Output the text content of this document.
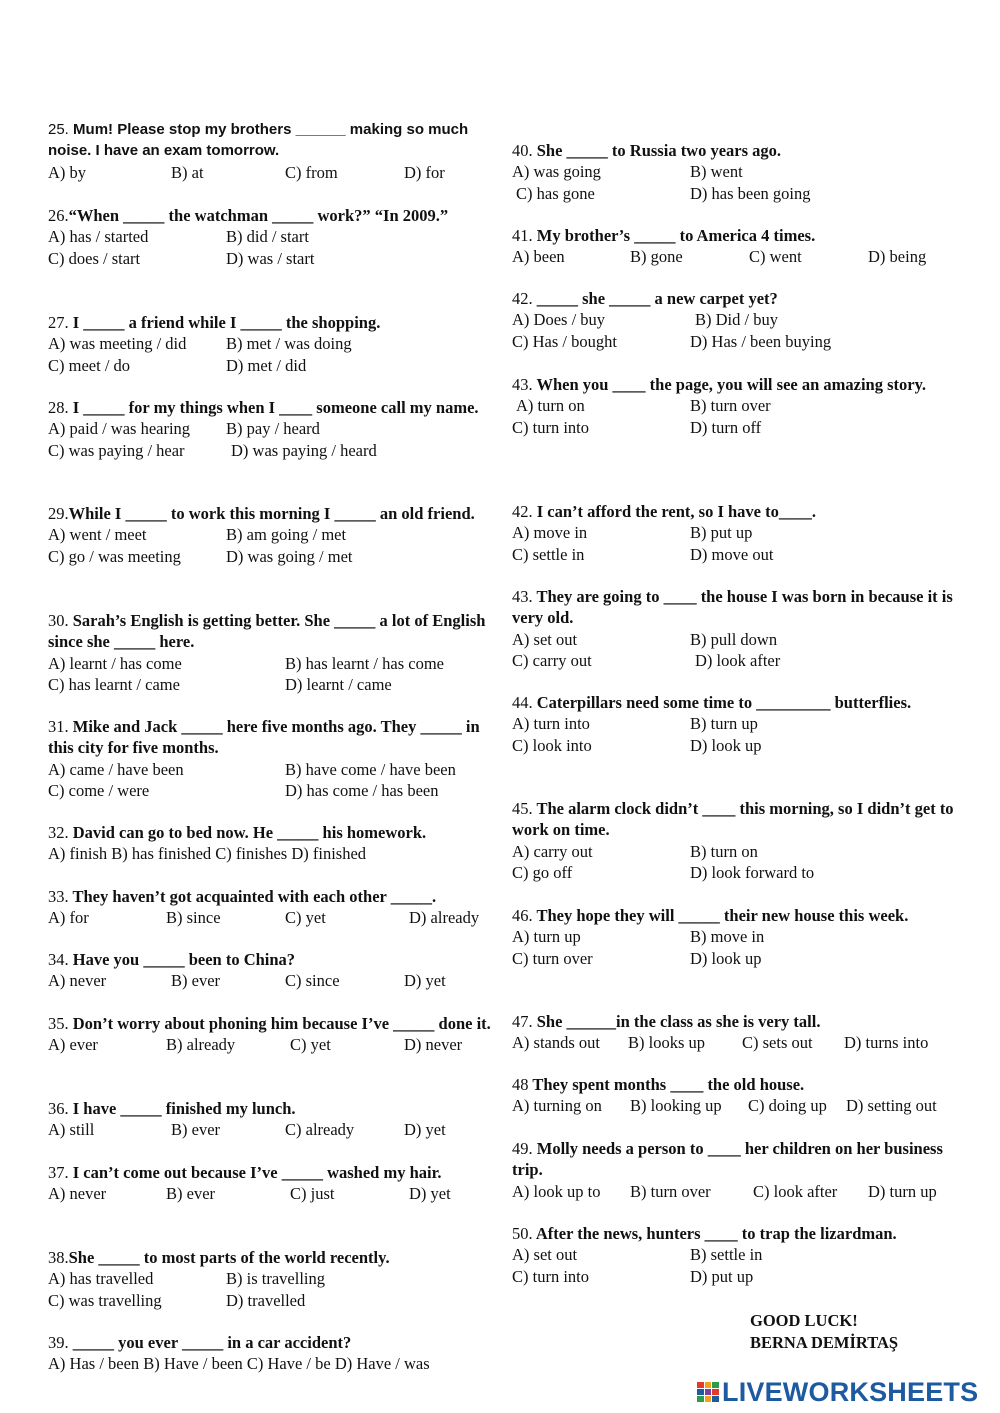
25. Mum! Please stop my brothers ______ making so much noise. I have an exam tomorrow.
A) by	B) at	C) from	D) for
26.“When _____ the watchman _____ work?” “In 2009.”
A) has / started	B) did / start
C) does / start	D) was / start
27. I _____ a friend while I _____ the shopping.
A) was meeting / did B) met / was doing
C) meet / do	D) met / did
28. I _____ for my things when I ____ someone call my name.
A) paid / was hearing B) pay / heard
C) was paying / hear	D) was paying / heard
29.While I _____ to work this morning I _____ an old friend.
A) went / meet	B) am going / met
C) go / was meeting	D) was going / met
30. Sarah’s English is getting better. She _____ a lot of English since she _____ here.
A) learnt / has come	B) has learnt / has come
C) has learnt / came	D) learnt / came
31. Mike and Jack _____ here five months ago. They _____ in this city for five months.
A) came / have been	B) have come / have been
C) come / were	D) has come / has been
32. David can go to bed now. He _____ his homework.
A) finish B) has finished C) finishes D) finished
33. They haven’t got acquainted with each other _____.
A) for	B) since	C) yet	D) already
34. Have you _____ been to China?
A) never	B) ever	C) since	D) yet
35. Don’t worry about phoning him because I’ve _____ done it.
A) ever	B) already	C) yet	D) never
36. I have _____ finished my lunch.
A) still	B) ever	C) already	D) yet
37. I can’t come out because I’ve _____ washed my hair.
A) never	B) ever	C) just	D) yet
38.She _____ to most parts of the world recently.
A) has travelled	B) is travelling
C) was travelling	D) travelled
39. _____ you ever _____ in a car accident?
A) Has / been B) Have / been C) Have / be D) Have / was
40. She _____ to Russia two years ago.
A) was going	B) went
C) has gone	D) has been going
41. My brother’s _____ to America 4 times.
A) been	B) gone	C) went	D) being
42. _____ she _____ a new carpet yet?
A) Does / buy	B) Did / buy
C) Has / bought	D) Has / been buying
43. When you ____ the page, you will see an amazing story.
A) turn on	B) turn over
C) turn into	D) turn off
42. I can’t afford the rent, so I have to____.
A) move in	B) put up
C) settle in	D) move out
43. They are going to ____ the house I was born in because it is very old.
A) set out	B) pull down
C) carry out	D) look after
44. Caterpillars need some time to _________ butterflies.
A) turn into	B) turn up
C) look into	D) look up
45. The alarm clock didn’t ____ this morning, so I didn’t get to work on time.
A) carry out	B) turn on
C) go off	D) look forward to
46. They hope they will _____ their new house this week.
A) turn up	B) move in
C) turn over	D) look up
47. She ______in the class as she is very tall.
A) stands out B) looks up C) sets out D) turns into
48 They spent months ____ the old house.
A) turning on B) looking up C) doing up D) setting out
49. Molly needs a person to ____ her children on her business trip.
A) look up to B) turn over	C) look after D) turn up
50. After the news, hunters ____ to trap the lizardman.
A) set out	B) settle in
C) turn into	D) put up
GOOD LUCK!
BERNA DEMİRTAŞ
LIVEWORKSHEETS
